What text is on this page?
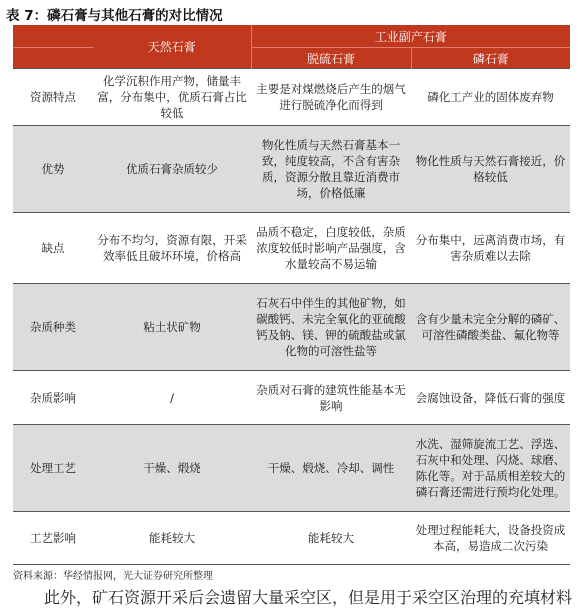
表 7：磷石膏与其他石膏的对比情况
	天然石膏	工业副产石膏	
		脱硫石膏	磷石膏
资源特点	化学沉积作用产物，储量丰富，分布集中，优质石膏占比较低	主要是对煤燃烧后产生的烟气进行脱硫净化而得到	磷化工产业的固体废弃物
优势	优质石膏杂质较少	物化性质与天然石膏基本一致，纯度较高，不含有害杂质，资源分散且靠近消费市场，价格低廉	物化性质与天然石膏接近，价格较低
缺点	分布不均匀，资源有限，开采效率低且破坏环境，价格高	品质不稳定，白度较低，杂质浓度较低时影响产品强度，含水量较高不易运输	分布集中，远离消费市场，有害杂质难以去除
杂质种类	粘土状矿物	石灰石中伴生的其他矿物，如碳酸钙、未完全氧化的亚硫酸钙及钠、镁、钾的硫酸盐或氯化物的可溶性盐等	含有少量未完全分解的磷矿、可溶性磷酸类盐、氟化物等
杂质影响	/	杂质对石膏的建筑性能基本无影响	会腐蚀设备，降低石膏的强度
处理工艺	干燥、煅烧	干燥、煅烧、冷却、调性	水洗、湿筛旋流工艺、浮选、石灰中和处理、闪烧、球磨、陈化等。对于品质相差较大的磷石膏还需进行预均化处理。
工艺影响	能耗较大	能耗较大	处理过程能耗大，设备投资成本高，易造成二次污染
资料来源：华经情报网，光大证券研究所整理
此外，矿石资源开采后会遗留大量采空区，但是用于采空区治理的充填材料
